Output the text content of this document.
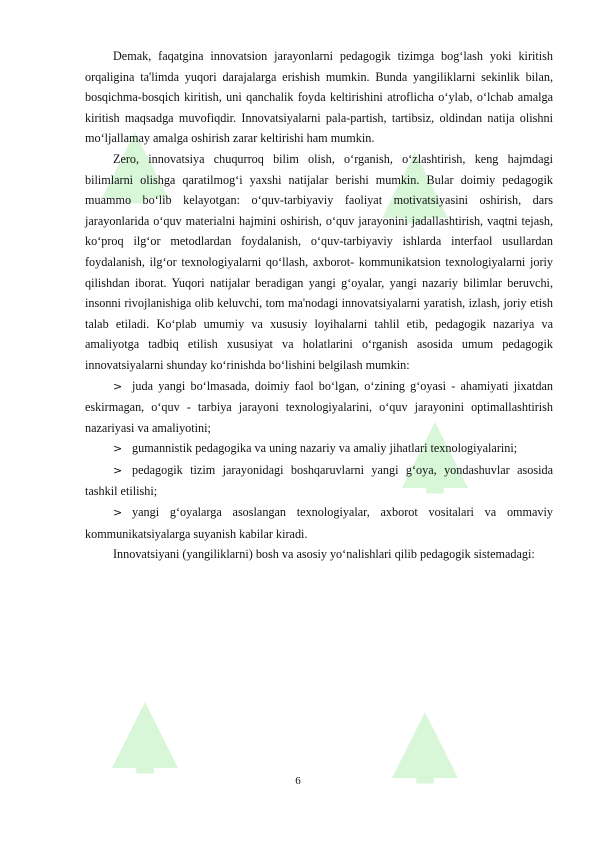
Demak, faqatgina innovatsion jarayonlarni pedagogik tizimga bog‘lash yoki kiritish orqaligina ta'limda yuqori darajalarga erishish mumkin. Bunda yangiliklarni sekinlik bilan, bosqichma-bosqich kiritish, uni qanchalik foyda keltirishini atroflicha o‘ylab, o‘lchab amalga kiritish maqsadga muvofiqdir. Innovatsiyalarni pala-partish, tartibsiz, oldindan natija olishni mo‘ljallamay amalga oshirish zarar keltirishi ham mumkin.

Zero, innovatsiya chuqurroq bilim olish, o‘rganish, o‘zlashtirish, keng hajmdagi bilimlarni olishga qaratilmog‘i yaxshi natijalar berishi mumkin. Bular doimiy pedagogik muammo bo‘lib kelayotgan: o‘quv-tarbiyaviy faoliyat motivatsiyasini oshirish, dars jarayonlarida o‘quv materialni hajmini oshirish, o‘quv jarayonini jadallashtirish, vaqtni tejash, ko‘proq ilg‘or metodlardan foydalanish, o‘quv-tarbiyaviy ishlarda interfaol usullardan foydalanish, ilg‘or texnologiyalarni qo‘llash, axborot- kommunikatsion texnologiyalarni joriy qilishdan iborat. Yuqori natijalar beradigan yangi g‘oyalar, yangi nazariy bilimlar beruvchi, insonni rivojlanishiga olib keluvchi, tom ma'nodagi innovatsiyalarni yaratish, izlash, joriy etish talab etiladi. Ko‘plab umumiy va xususiy loyihalarni tahlil etib, pedagogik nazariya va amaliyotga tadbiq etilish xususiyat va holatlarini o‘rganish asosida umum pedagogik innovatsiyalarni shunday ko‘rinishda bo‘lishini belgilash mumkin:

> juda yangi bo‘lmasada, doimiy faol bo‘lgan, o‘zining g‘oyasi - ahamiyati jixatdan eskirmagan, o‘quv - tarbiya jarayoni texnologiyalarini, o‘quv jarayonini optimallashtirish nazariyasi va amaliyotini;

> gumannistik pedagogika va uning nazariy va amaliy jihatlari texnologiyalarini;

> pedagogik tizim jarayonidagi boshqaruvlarni yangi g‘oya, yondashuvlar asosida tashkil etilishi;

> yangi g‘oyalarga asoslangan texnologiyalar, axborot vositalari va ommaviy kommunikatsiyalarga suyanish kabilar kiradi.

Innovatsiyani (yangiliklarni) bosh va asosiy yo‘nalishlari qilib pedagogik sistemadagi:

6
